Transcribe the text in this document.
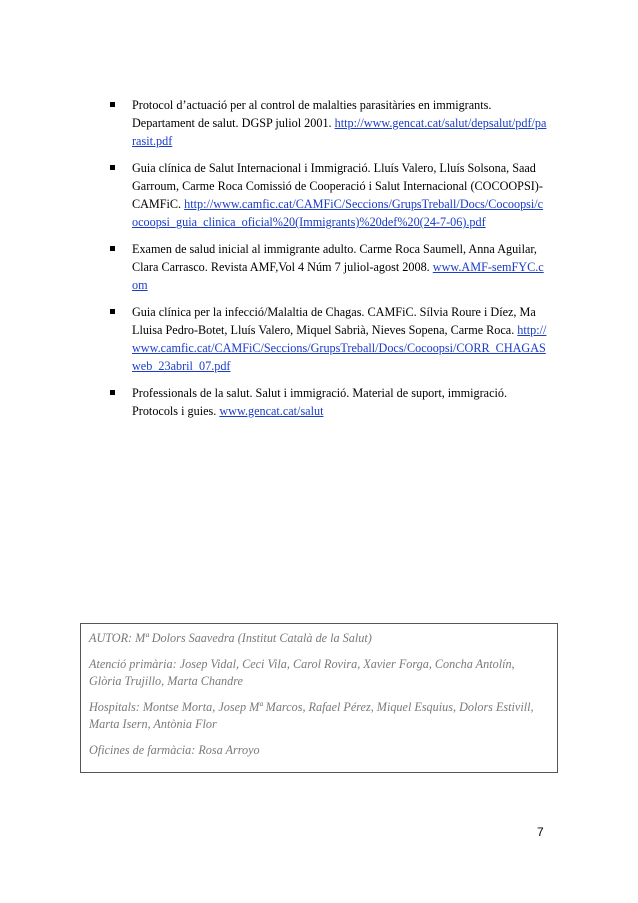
Protocol d’actuació per al control de malalties parasitàries en immigrants. Departament de salut. DGSP juliol 2001. http://www.gencat.cat/salut/depsalut/pdf/parasit.pdf
Guia clínica de Salut Internacional i Immigració. Lluís Valero, Lluís Solsona, Saad Garroum, Carme Roca Comissió de Cooperació i Salut Internacional (COCOOPSI)-CAMFiC. http://www.camfic.cat/CAMFiC/Seccions/GrupsTreball/Docs/Cocoopsi/cocoopsi_guia_clinica_oficial%20(Immigrants)%20def%20(24-7-06).pdf
Examen de salud inicial al immigrante adulto. Carme Roca Saumell, Anna Aguilar, Clara Carrasco. Revista AMF,Vol 4 Núm 7 juliol-agost 2008. www.AMF-semFYC.com
Guia clínica per la infecció/Malaltia de Chagas. CAMFiC. Sílvia Roure i Díez, Ma Lluisa Pedro-Botet, Lluís Valero, Miquel Sabrià, Nieves Sopena, Carme Roca. http://www.camfic.cat/CAMFiC/Seccions/GrupsTreball/Docs/Cocoopsi/CORR_CHAGASweb_23abril_07.pdf
Professionals de la salut. Salut i immigració. Material de suport, immigració. Protocols i guies. www.gencat.cat/salut

AUTOR: Mª Dolors Saavedra (Institut Català de la Salut)

Atenció primària: Josep Vidal, Ceci Vila, Carol Rovira, Xavier Forga, Concha Antolín, Glòria Trujillo, Marta Chandre

Hospitals: Montse Morta, Josep Mª Marcos, Rafael Pérez, Miquel Esquius, Dolors Estivill, Marta Isern, Antònia Flor

Oficines de farmàcia: Rosa Arroyo

7
